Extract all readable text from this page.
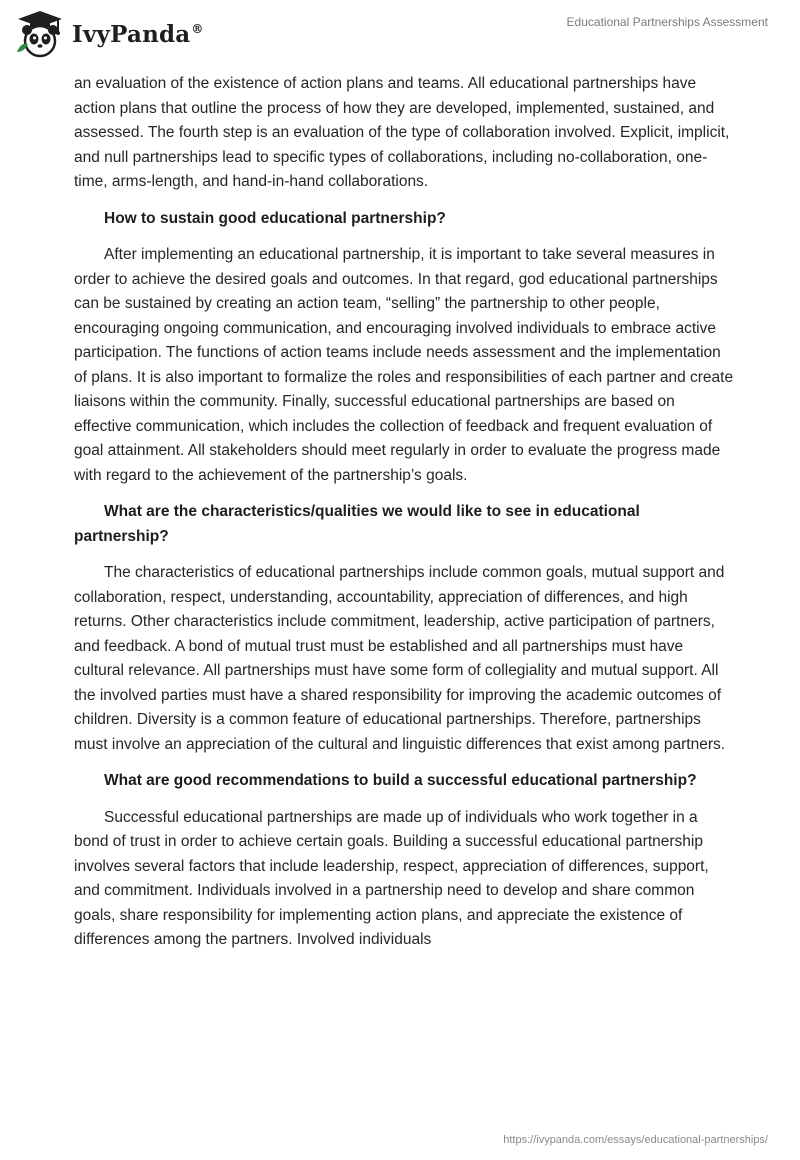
IvyPanda®	Educational Partnerships Assessment

an evaluation of the existence of action plans and teams. All educational partnerships have action plans that outline the process of how they are developed, implemented, sustained, and assessed. The fourth step is an evaluation of the type of collaboration involved. Explicit, implicit, and null partnerships lead to specific types of collaborations, including no-collaboration, one-time, arms-length, and hand-in-hand collaborations.

How to sustain good educational partnership?

After implementing an educational partnership, it is important to take several measures in order to achieve the desired goals and outcomes. In that regard, god educational partnerships can be sustained by creating an action team, “selling” the partnership to other people, encouraging ongoing communication, and encouraging involved individuals to embrace active participation. The functions of action teams include needs assessment and the implementation of plans. It is also important to formalize the roles and responsibilities of each partner and create liaisons within the community. Finally, successful educational partnerships are based on effective communication, which includes the collection of feedback and frequent evaluation of goal attainment. All stakeholders should meet regularly in order to evaluate the progress made with regard to the achievement of the partnership’s goals.

What are the characteristics/qualities we would like to see in educational partnership?

The characteristics of educational partnerships include common goals, mutual support and collaboration, respect, understanding, accountability, appreciation of differences, and high returns. Other characteristics include commitment, leadership, active participation of partners, and feedback. A bond of mutual trust must be established and all partnerships must have cultural relevance. All partnerships must have some form of collegiality and mutual support. All the involved parties must have a shared responsibility for improving the academic outcomes of children. Diversity is a common feature of educational partnerships. Therefore, partnerships must involve an appreciation of the cultural and linguistic differences that exist among partners.

What are good recommendations to build a successful educational partnership?

Successful educational partnerships are made up of individuals who work together in a bond of trust in order to achieve certain goals. Building a successful educational partnership involves several factors that include leadership, respect, appreciation of differences, support, and commitment. Individuals involved in a partnership need to develop and share common goals, share responsibility for implementing action plans, and appreciate the existence of differences among the partners. Involved individuals

https://ivypanda.com/essays/educational-partnerships/
